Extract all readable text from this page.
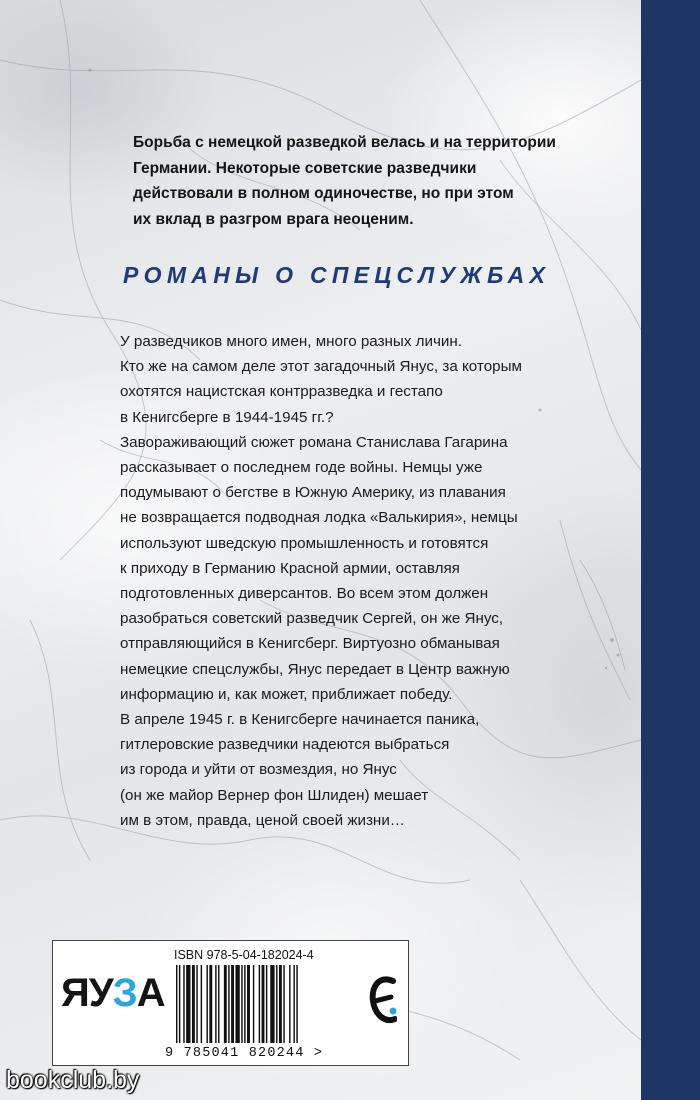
Борьба с немецкой разведкой велась и на территории
Германии. Некоторые советские разведчики
действовали в полном одиночестве, но при этом
их вклад в разгром врага неоценим.

РОМАНЫ О СПЕЦСЛУЖБАХ
У разведчиков много имен, много разных личин.
Кто же на самом деле этот загадочный Янус, за которым
охотятся нацистская контрразведка и гестапо
в Кенигсберге в 1944-1945 гг.?
Завораживающий сюжет романа Станислава Гагарина
рассказывает о последнем годе войны. Немцы уже
подумывают о бегстве в Южную Америку, из плавания
не возвращается подводная лодка «Валькирия», немцы
используют шведскую промышленность и готовятся
к приходу в Германию Красной армии, оставляя
подготовленных диверсантов. Во всем этом должен
разобраться советский разведчик Сергей, он же Янус,
отправляющийся в Кенигсберг. Виртуозно обманывая
немецкие спецслужбы, Янус передает в Центр важную
информацию и, как может, приближает победу.
В апреле 1945 г. в Кенигсберге начинается паника,
гитлеровские разведчики надеются выбраться
из города и уйти от возмездия, но Янус
(он же майор Вернер фон Шлиден) мешает
им в этом, правда, ценой своей жизни…
ЯУЗА
ISBN 978-5-04-182024-4
9 785041 820244 >
bookclub.by
